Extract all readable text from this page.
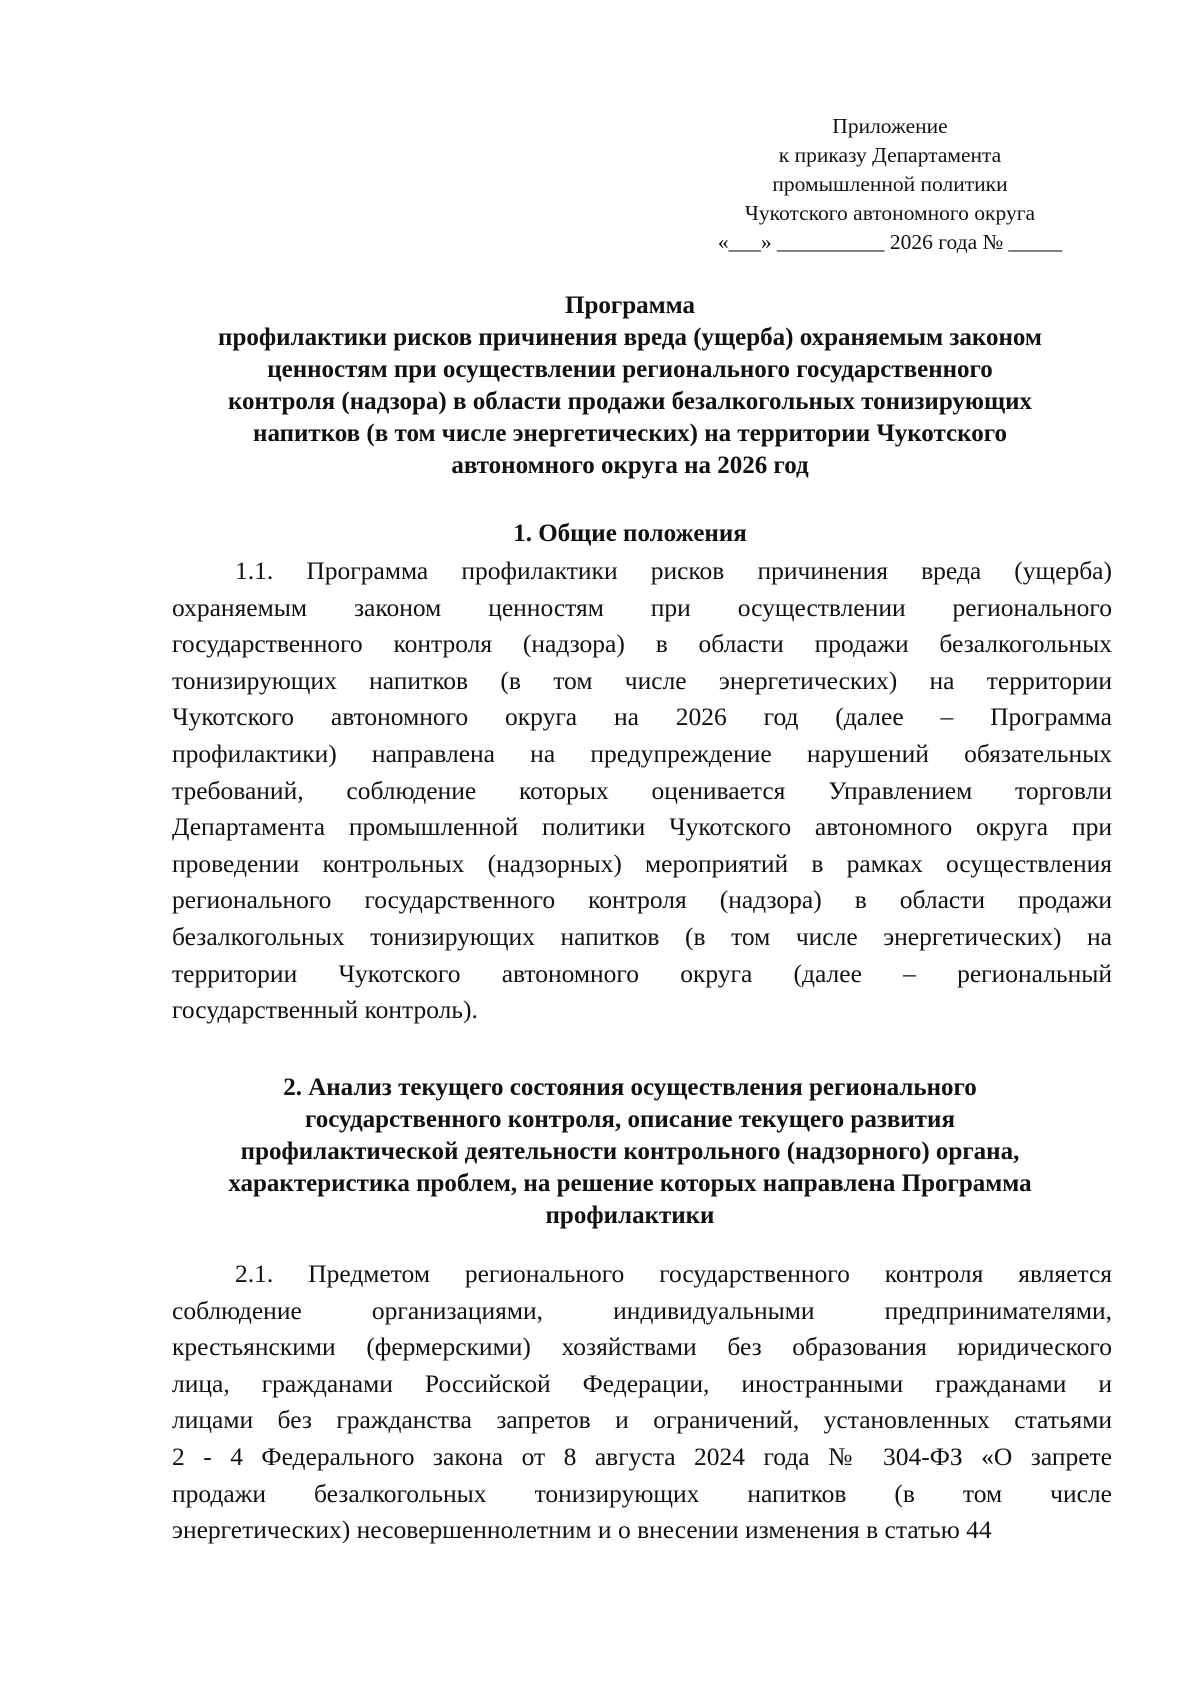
Приложение
к приказу Департамента
промышленной политики
Чукотского автономного округа
«___» __________ 2026 года № _____
Программа
профилактики рисков причинения вреда (ущерба) охраняемым законом
ценностям при осуществлении регионального государственного
контроля (надзора) в области продажи безалкогольных тонизирующих
напитков (в том числе энергетических) на территории Чукотского
автономного округа на 2026 год
1. Общие положения
1.1. Программа профилактики рисков причинения вреда (ущерба)
охраняемым законом ценностям при осуществлении регионального
государственного контроля (надзора) в области продажи безалкогольных
тонизирующих напитков (в том числе энергетических) на территории
Чукотского автономного округа на 2026 год (далее – Программа
профилактики) направлена на предупреждение нарушений обязательных
требований, соблюдение которых оценивается Управлением торговли
Департамента промышленной политики Чукотского автономного округа при
проведении контрольных (надзорных) мероприятий в рамках осуществления
регионального государственного контроля (надзора) в области продажи
безалкогольных тонизирующих напитков (в том числе энергетических) на
территории Чукотского автономного округа (далее – региональный
государственный контроль).
2. Анализ текущего состояния осуществления регионального
государственного контроля, описание текущего развития
профилактической деятельности контрольного (надзорного) органа,
характеристика проблем, на решение которых направлена Программа
профилактики
2.1. Предметом регионального государственного контроля является
соблюдение организациями, индивидуальными предпринимателями,
крестьянскими (фермерскими) хозяйствами без образования юридического
лица, гражданами Российской Федерации, иностранными гражданами и
лицами без гражданства запретов и ограничений, установленных статьями
2 - 4 Федерального закона от 8 августа 2024 года № 304-ФЗ «О запрете
продажи безалкогольных тонизирующих напитков (в том числе
энергетических) несовершеннолетним и о внесении изменения в статью 44
